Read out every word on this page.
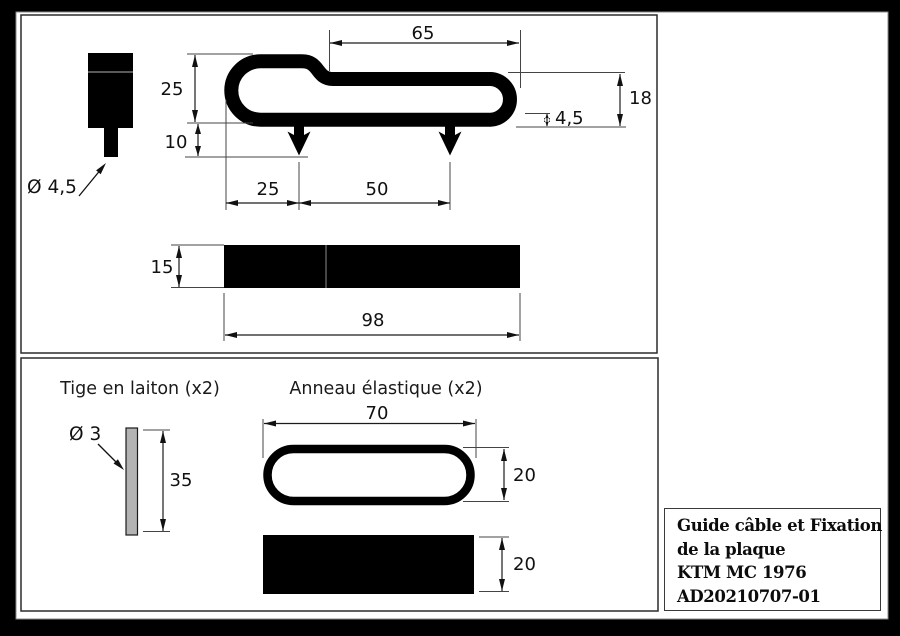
Ø 4,5
65
25
10
18
4,5
25	50
15
98
Tige en laiton (x2)	Anneau élastique (x2)
Ø 3
35
70
20
20
Guide câble et Fixation
de la plaque
KTM MC 1976
AD20210707-01
